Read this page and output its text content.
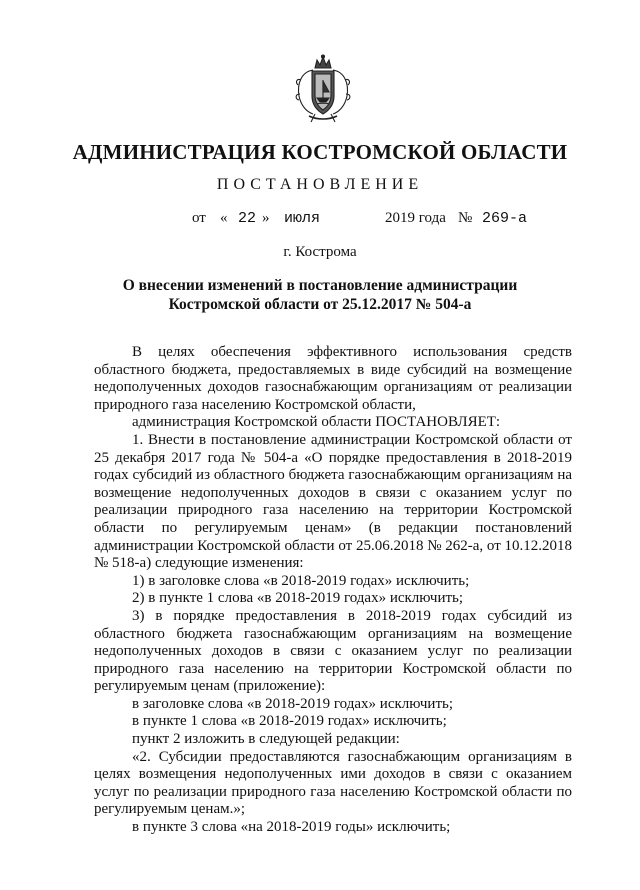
АДМИНИСТРАЦИЯ КОСТРОМСКОЙ ОБЛАСТИ
ПОСТАНОВЛЕНИЕ
от « 22 » июля	2019 года № 269-а
г. Кострома
О внесении изменений в постановление администрации
Костромской области от 25.12.2017 № 504-а

В целях обеспечения эффективного использования средств областного бюджета, предоставляемых в виде субсидий на возмещение недополученных доходов газоснабжающим организациям от реализации природного газа населению Костромской области,

администрация Костромской области ПОСТАНОВЛЯЕТ:

1. Внести в постановление администрации Костромской области от 25 декабря 2017 года № 504-а «О порядке предоставления в 2018-2019 годах субсидий из областного бюджета газоснабжающим организациям на возмещение недополученных доходов в связи с оказанием услуг по реализации природного газа населению на территории Костромской области по регулируемым ценам» (в редакции постановлений администрации Костромской области от 25.06.2018 № 262-а, от 10.12.2018 № 518-а) следующие изменения:

1) в заголовке слова «в 2018-2019 годах» исключить;

2) в пункте 1 слова «в 2018-2019 годах» исключить;

3) в порядке предоставления в 2018-2019 годах субсидий из областного бюджета газоснабжающим организациям на возмещение недополученных доходов в связи с оказанием услуг по реализации природного газа населению на территории Костромской области по регулируемым ценам (приложение):

в заголовке слова «в 2018-2019 годах» исключить;

в пункте 1 слова «в 2018-2019 годах» исключить;

пункт 2 изложить в следующей редакции:

«2. Субсидии предоставляются газоснабжающим организациям в целях возмещения недополученных ими доходов в связи с оказанием услуг по реализации природного газа населению Костромской области по регулируемым ценам.»;

в пункте 3 слова «на 2018-2019 годы» исключить;
